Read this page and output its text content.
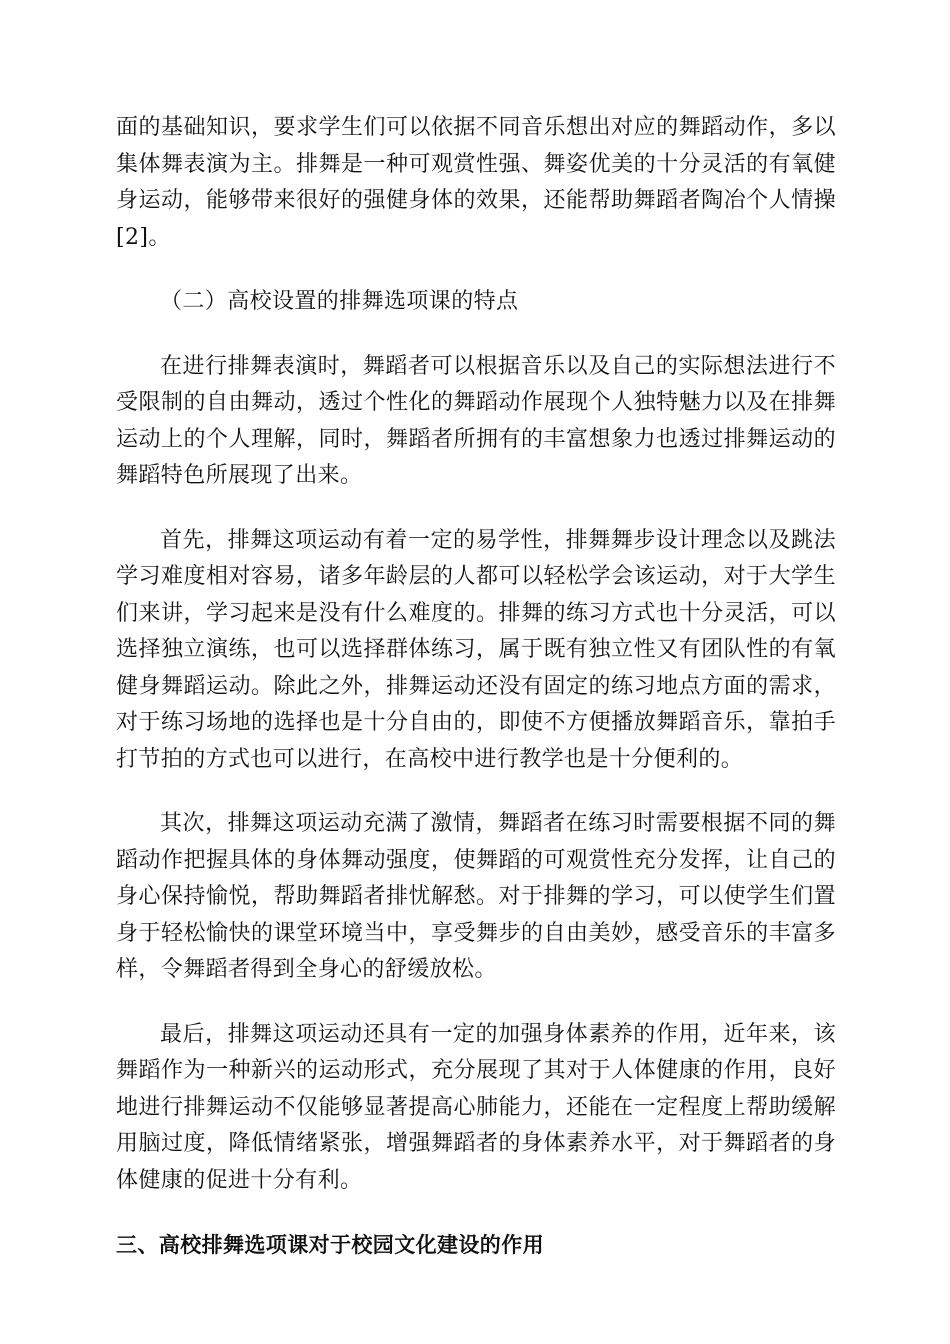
面的基础知识，要求学生们可以依据不同音乐想出对应的舞蹈动作，多以集体舞表演为主。排舞是一种可观赏性强、舞姿优美的十分灵活的有氧健身运动，能够带来很好的强健身体的效果，还能帮助舞蹈者陶冶个人情操[2]。

（二）高校设置的排舞选项课的特点

在进行排舞表演时，舞蹈者可以根据音乐以及自己的实际想法进行不受限制的自由舞动，透过个性化的舞蹈动作展现个人独特魅力以及在排舞运动上的个人理解，同时，舞蹈者所拥有的丰富想象力也透过排舞运动的舞蹈特色所展现了出来。

首先，排舞这项运动有着一定的易学性，排舞舞步设计理念以及跳法学习难度相对容易，诸多年龄层的人都可以轻松学会该运动，对于大学生们来讲，学习起来是没有什么难度的。排舞的练习方式也十分灵活，可以选择独立演练，也可以选择群体练习，属于既有独立性又有团队性的有氧健身舞蹈运动。除此之外，排舞运动还没有固定的练习地点方面的需求，对于练习场地的选择也是十分自由的，即使不方便播放舞蹈音乐，靠拍手打节拍的方式也可以进行，在高校中进行教学也是十分便利的。

其次，排舞这项运动充满了激情，舞蹈者在练习时需要根据不同的舞蹈动作把握具体的身体舞动强度，使舞蹈的可观赏性充分发挥，让自己的身心保持愉悦，帮助舞蹈者排忧解愁。对于排舞的学习，可以使学生们置身于轻松愉快的课堂环境当中，享受舞步的自由美妙，感受音乐的丰富多样，令舞蹈者得到全身心的舒缓放松。

最后，排舞这项运动还具有一定的加强身体素养的作用，近年来，该舞蹈作为一种新兴的运动形式，充分展现了其对于人体健康的作用，良好地进行排舞运动不仅能够显著提高心肺能力，还能在一定程度上帮助缓解用脑过度，降低情绪紧张，增强舞蹈者的身体素养水平，对于舞蹈者的身体健康的促进十分有利。

三、高校排舞选项课对于校园文化建设的作用
